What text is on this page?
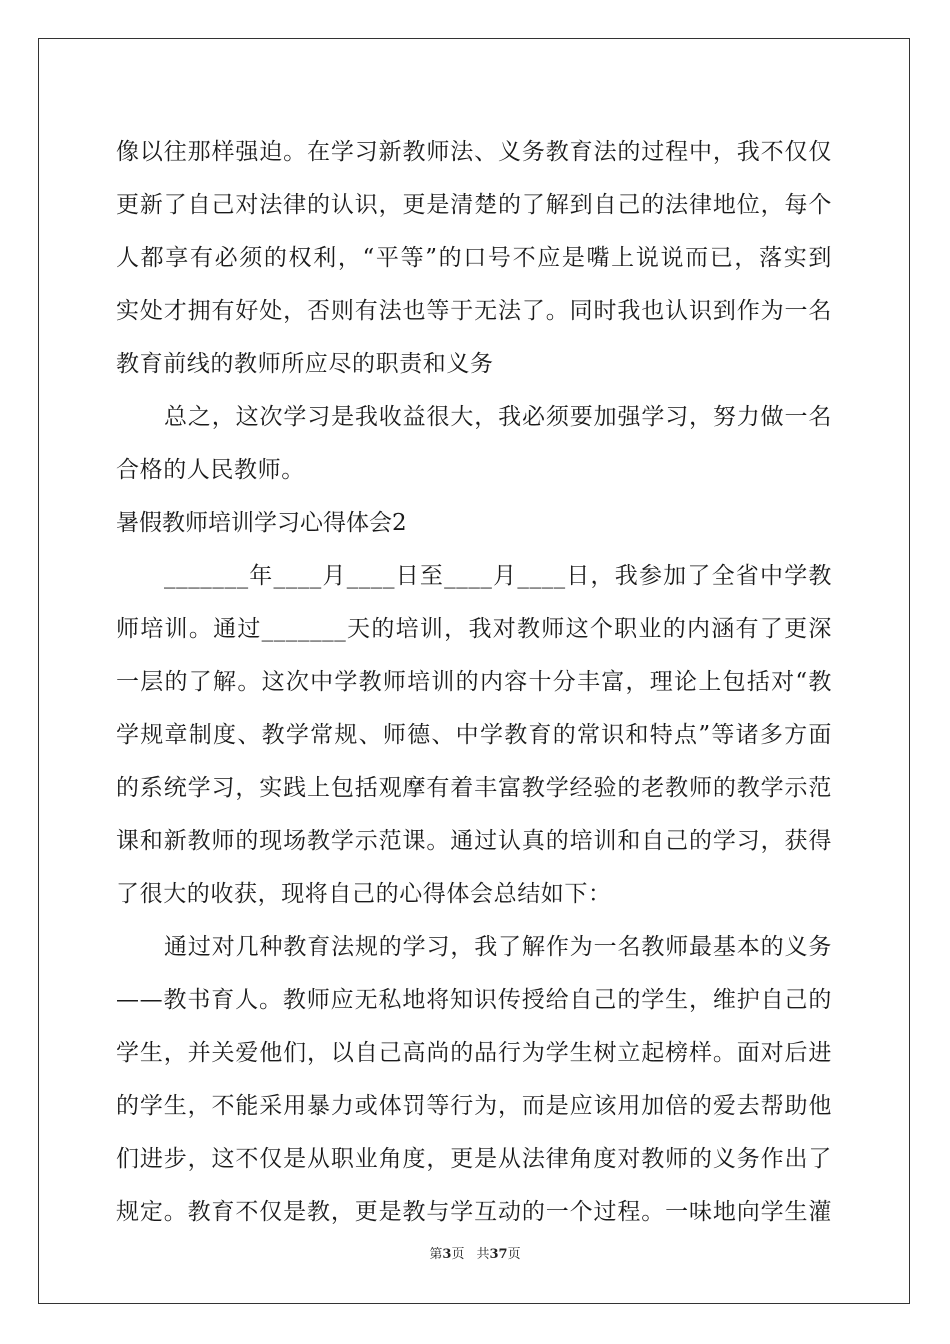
像以往那样强迫。在学习新教师法、义务教育法的过程中，我不仅仅
更新了自己对法律的认识，更是清楚的了解到自己的法律地位，每个
人都享有必须的权利，“平等”的口号不应是嘴上说说而已，落实到
实处才拥有好处，否则有法也等于无法了。同时我也认识到作为一名
教育前线的教师所应尽的职责和义务
总之，这次学习是我收益很大，我必须要加强学习，努力做一名
合格的人民教师。
暑假教师培训学习心得体会2
_______年____月____日至____月____日，我参加了全省中学教
师培训。通过_______天的培训，我对教师这个职业的内涵有了更深
一层的了解。这次中学教师培训的内容十分丰富，理论上包括对“教
学规章制度、教学常规、师德、中学教育的常识和特点”等诸多方面
的系统学习，实践上包括观摩有着丰富教学经验的老教师的教学示范
课和新教师的现场教学示范课。通过认真的培训和自己的学习，获得
了很大的收获，现将自己的心得体会总结如下：
通过对几种教育法规的学习，我了解作为一名教师最基本的义务
——教书育人。教师应无私地将知识传授给自己的学生，维护自己的
学生，并关爱他们，以自己高尚的品行为学生树立起榜样。面对后进
的学生，不能采用暴力或体罚等行为，而是应该用加倍的爱去帮助他
们进步，这不仅是从职业角度，更是从法律角度对教师的义务作出了
规定。教育不仅是教，更是教与学互动的一个过程。一味地向学生灌
第3页 共37页
